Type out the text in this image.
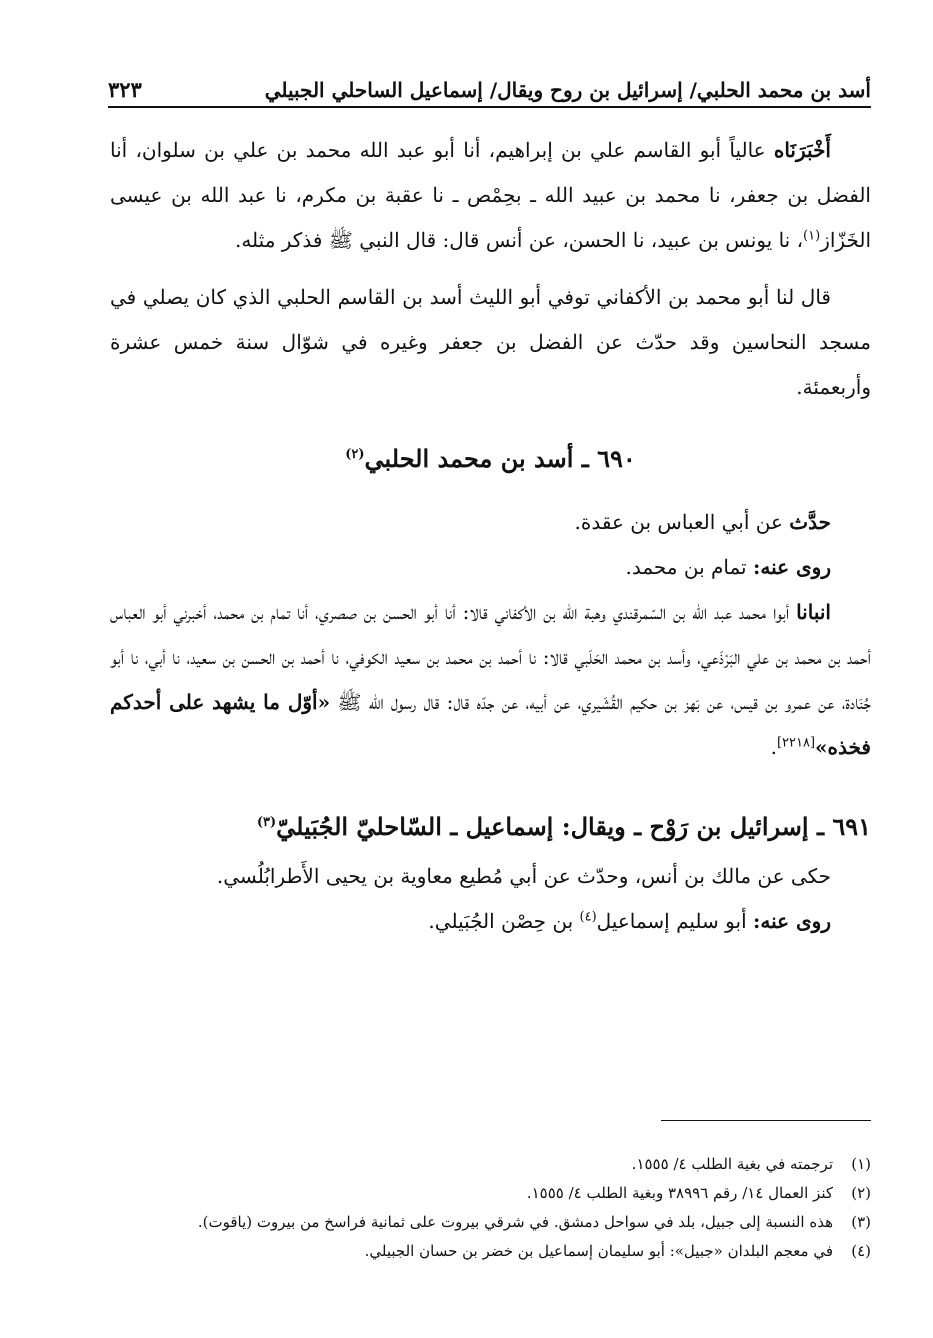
أسد بن محمد الحلبي/ إسرائيل بن روح ويقال/ إسماعيل الساحلي الجبيلي
٣٢٣

أَخْبَرَنَاه عالياً أبو القاسم علي بن إبراهيم، أنا أبو عبد الله محمد بن علي بن سلوان، أنا الفضل بن جعفر، نا محمد بن عبيد الله ـ بحِمْص ـ نا عقبة بن مكرم، نا عبد الله بن عيسى الخَزّاز$^{(١)}$، نا يونس بن عبيد، نا الحسن، عن أنس قال: قال النبي ﷺ فذكر مثله.

قال لنا أبو محمد بن الأكفاني توفي أبو الليث أسد بن القاسم الحلبي الذي كان يصلي في مسجد النحاسين وقد حدّث عن الفضل بن جعفر وغيره في شوّال سنة خمس عشرة وأربعمئة.

٦٩٠ ـ أسد بن محمد الحلبي$^{(٢)}$

حدَّث عن أبي العباس بن عقدة.

روى عنه: تمام بن محمد.

انبانا أبوا محمد عبد الله بن السّمرقندي وهبة الله بن الأكفاني قالا: أنا أبو الحسن بن صصري، أنا تمام بن محمد، أخبرني أبو العباس أحمد بن محمد بن علي البَرْذَعي، وأسد بن محمد الحَلَبي قالا: نا أحمد بن محمد بن سعيد الكوفي، نا أحمد بن الحسن بن سعيد، نا أبي، نا أبو جُنَادة، عن عمرو بن قيس، عن بَهز بن حكيم القُشَيري، عن أبيه، عن جدّه قال: قال رسول الله ﷺ «أوّل ما يشهد على أحدكم فخذه»[٢٢١٨].

٦٩١ ـ إسرائيل بن رَوْح ـ ويقال: إسماعيل ـ السّاحليّ الجُبَيليّ$^{(٣)}$

حكى عن مالك بن أنس، وحدّث عن أبي مُطيع معاوية بن يحيى الأَطرابُلُسي.

روى عنه: أبو سليم إسماعيل$^{(٤)}$ بن حِصْن الجُبَيلي.

(١)
ترجمته في بغية الطلب ٤/ ١٥٥٥.
(٢)
كنز العمال ١٤/ رقم ٣٨٩٩٦ وبغية الطلب ٤/ ١٥٥٥.
(٣)
هذه النسبة إلى جبيل، بلد في سواحل دمشق. في شرقي بيروت على ثمانية فراسخ من بيروت (ياقوت).
(٤)
في معجم البلدان «جبيل»: أبو سليمان إسماعيل بن خضر بن حسان الجبيلي.
